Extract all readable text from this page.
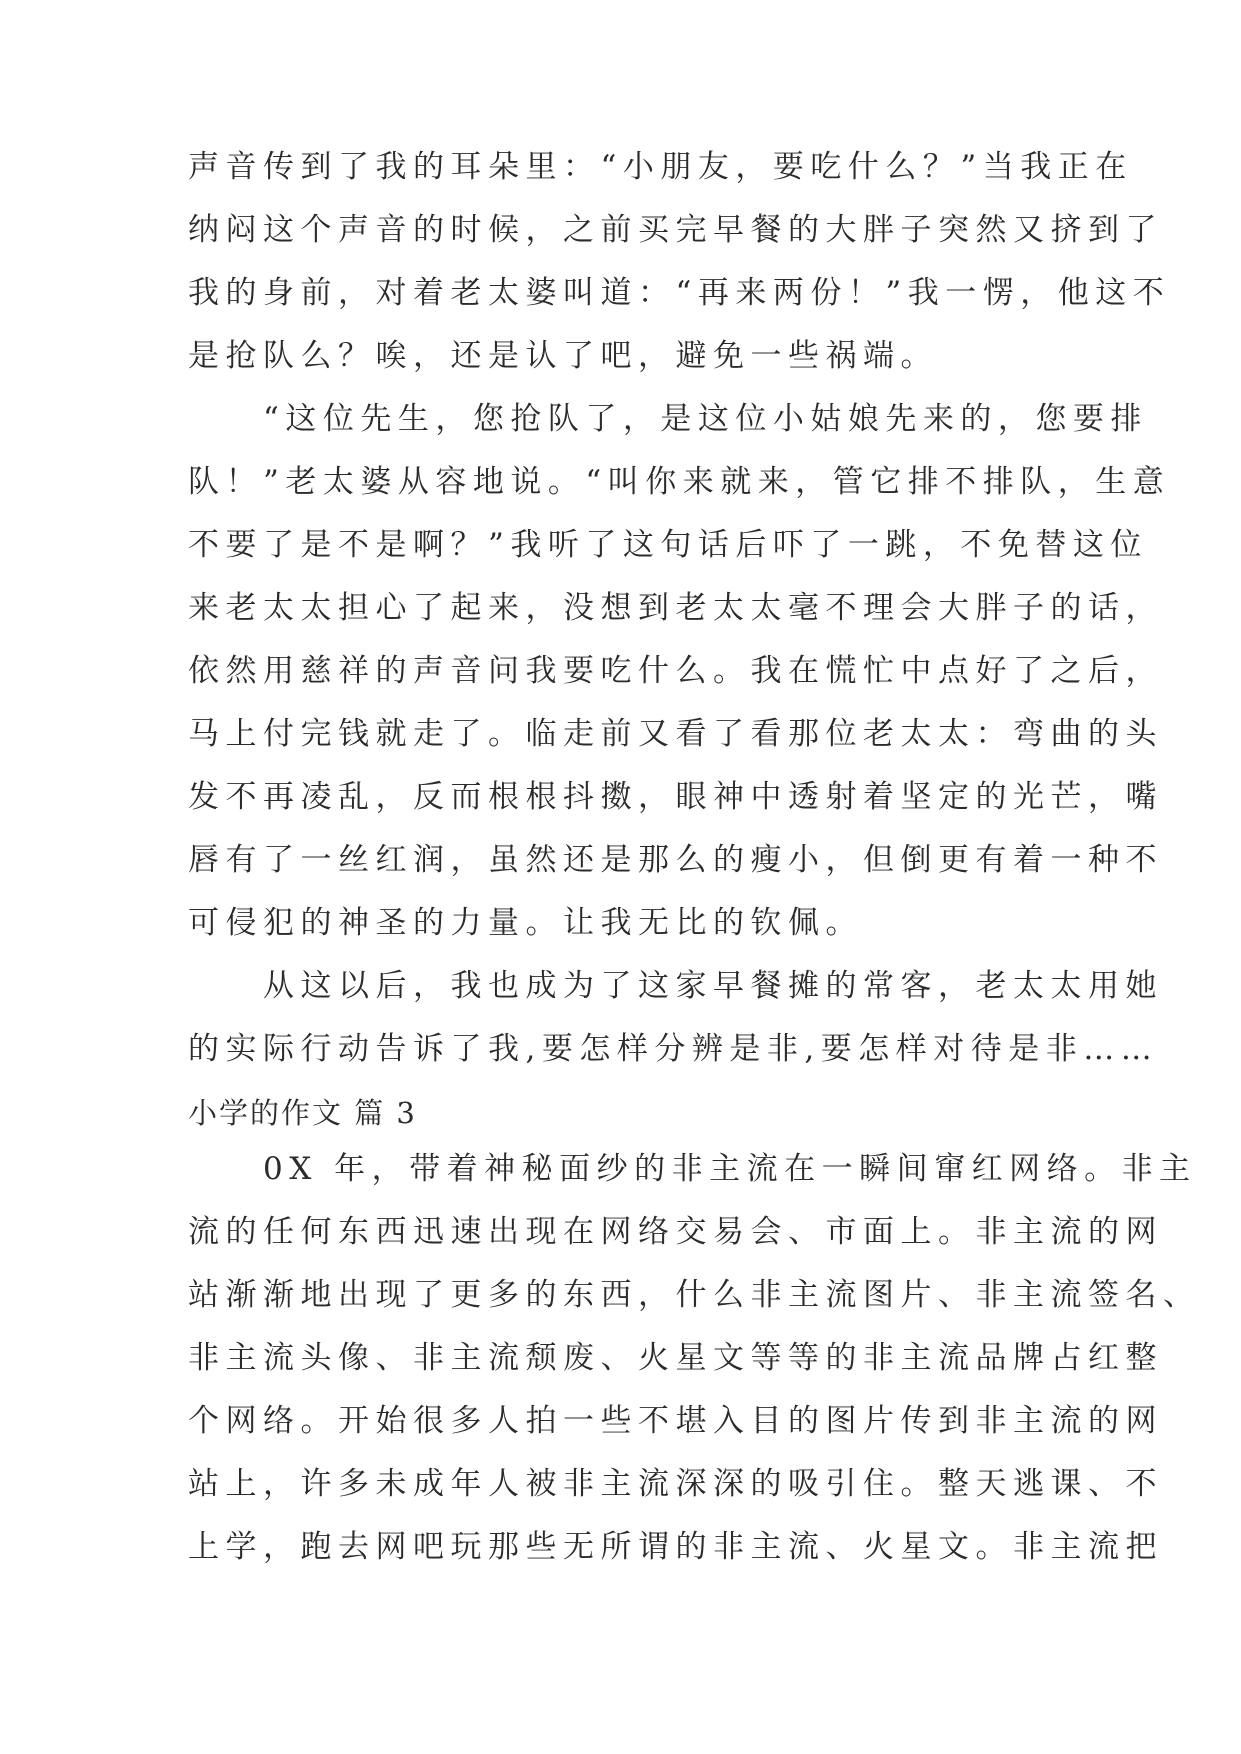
声音传到了我的耳朵里：“小朋友，要吃什么？”当我正在
纳闷这个声音的时候，之前买完早餐的大胖子突然又挤到了
我的身前，对着老太婆叫道：“再来两份！”我一愣，他这不
是抢队么？唉，还是认了吧，避免一些祸端。
　　“这位先生，您抢队了，是这位小姑娘先来的，您要排
队！”老太婆从容地说。“叫你来就来，管它排不排队，生意
不要了是不是啊？”我听了这句话后吓了一跳，不免替这位
来老太太担心了起来，没想到老太太毫不理会大胖子的话，
依然用慈祥的声音问我要吃什么。我在慌忙中点好了之后，
马上付完钱就走了。临走前又看了看那位老太太：弯曲的头
发不再凌乱，反而根根抖擞，眼神中透射着坚定的光芒，嘴
唇有了一丝红润，虽然还是那么的瘦小，但倒更有着一种不
可侵犯的神圣的力量。让我无比的钦佩。
　　从这以后，我也成为了这家早餐摊的常客，老太太用她
的实际行动告诉了我,要怎样分辨是非,要怎样对待是非……
小学的作文 篇 3
　　0X 年，带着神秘面纱的非主流在一瞬间窜红网络。非主
流的任何东西迅速出现在网络交易会、市面上。非主流的网
站渐渐地出现了更多的东西，什么非主流图片、非主流签名、
非主流头像、非主流颓废、火星文等等的非主流品牌占红整
个网络。开始很多人拍一些不堪入目的图片传到非主流的网
站上，许多未成年人被非主流深深的吸引住。整天逃课、不
上学，跑去网吧玩那些无所谓的非主流、火星文。非主流把
